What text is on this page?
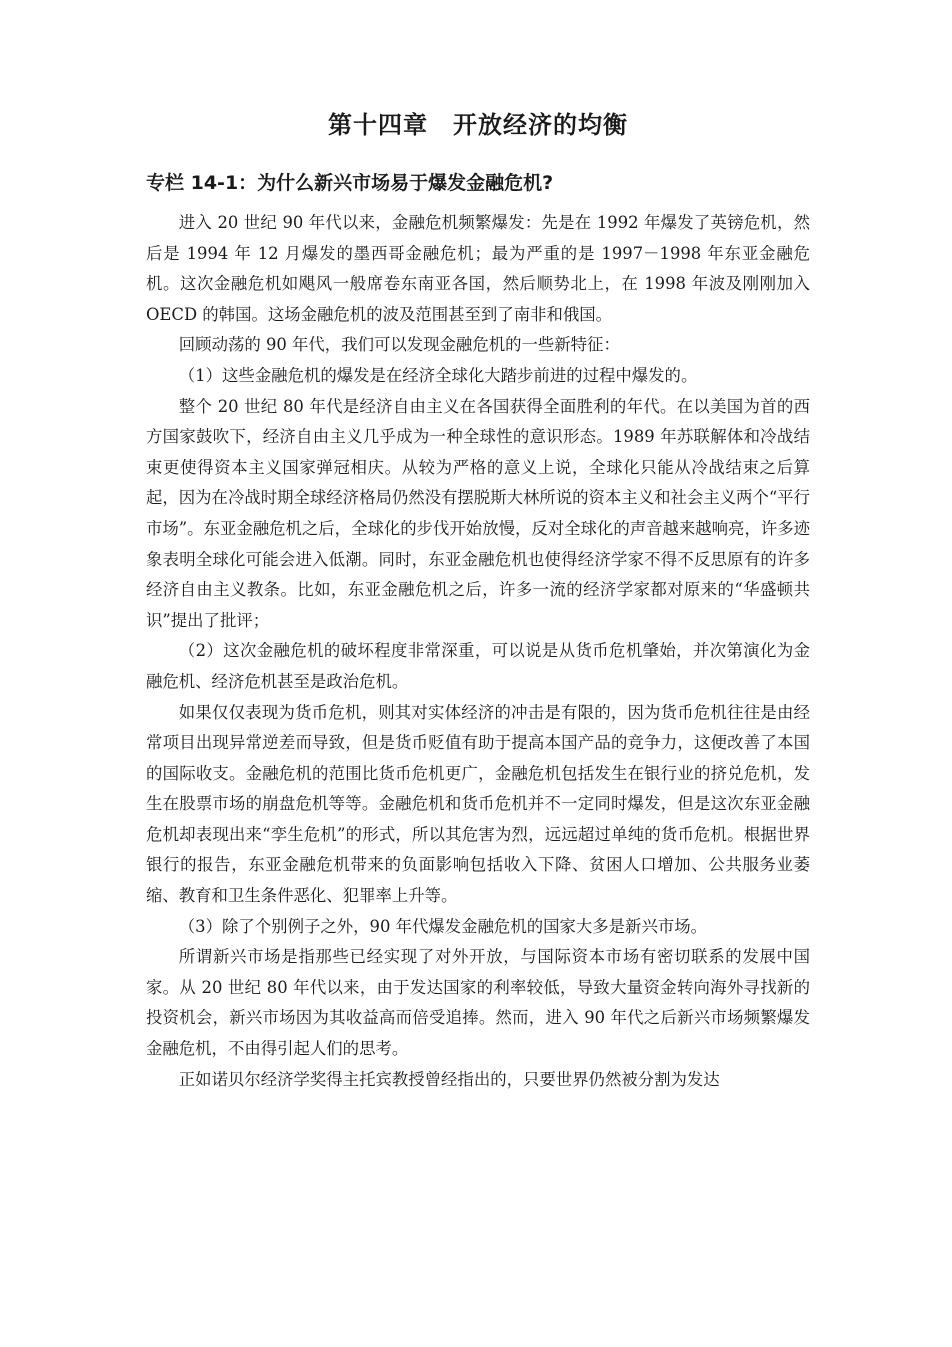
第十四章　开放经济的均衡
专栏 14-1：为什么新兴市场易于爆发金融危机?

进入 20 世纪 90 年代以来，金融危机频繁爆发：先是在 1992 年爆发了英镑危机，然后是 1994 年 12 月爆发的墨西哥金融危机；最为严重的是 1997－1998 年东亚金融危机。这次金融危机如飓风一般席卷东南亚各国，然后顺势北上，在 1998 年波及刚刚加入 OECD 的韩国。这场金融危机的波及范围甚至到了南非和俄国。

回顾动荡的 90 年代，我们可以发现金融危机的一些新特征：

（1）这些金融危机的爆发是在经济全球化大踏步前进的过程中爆发的。

整个 20 世纪 80 年代是经济自由主义在各国获得全面胜利的年代。在以美国为首的西方国家鼓吹下，经济自由主义几乎成为一种全球性的意识形态。1989 年苏联解体和冷战结束更使得资本主义国家弹冠相庆。从较为严格的意义上说，全球化只能从冷战结束之后算起，因为在冷战时期全球经济格局仍然没有摆脱斯大林所说的资本主义和社会主义两个“平行市场”。东亚金融危机之后，全球化的步伐开始放慢，反对全球化的声音越来越响亮，许多迹象表明全球化可能会进入低潮。同时，东亚金融危机也使得经济学家不得不反思原有的许多经济自由主义教条。比如，东亚金融危机之后，许多一流的经济学家都对原来的“华盛顿共识”提出了批评；

（2）这次金融危机的破坏程度非常深重，可以说是从货币危机肇始，并次第演化为金融危机、经济危机甚至是政治危机。

如果仅仅表现为货币危机，则其对实体经济的冲击是有限的，因为货币危机往往是由经常项目出现异常逆差而导致，但是货币贬值有助于提高本国产品的竞争力，这便改善了本国的国际收支。金融危机的范围比货币危机更广，金融危机包括发生在银行业的挤兑危机，发生在股票市场的崩盘危机等等。金融危机和货币危机并不一定同时爆发，但是这次东亚金融危机却表现出来“孪生危机”的形式，所以其危害为烈，远远超过单纯的货币危机。根据世界银行的报告，东亚金融危机带来的负面影响包括收入下降、贫困人口增加、公共服务业萎缩、教育和卫生条件恶化、犯罪率上升等。

（3）除了个别例子之外，90 年代爆发金融危机的国家大多是新兴市场。

所谓新兴市场是指那些已经实现了对外开放，与国际资本市场有密切联系的发展中国家。从 20 世纪 80 年代以来，由于发达国家的利率较低，导致大量资金转向海外寻找新的投资机会，新兴市场因为其收益高而倍受追捧。然而，进入 90 年代之后新兴市场频繁爆发金融危机，不由得引起人们的思考。

正如诺贝尔经济学奖得主托宾教授曾经指出的，只要世界仍然被分割为发达
